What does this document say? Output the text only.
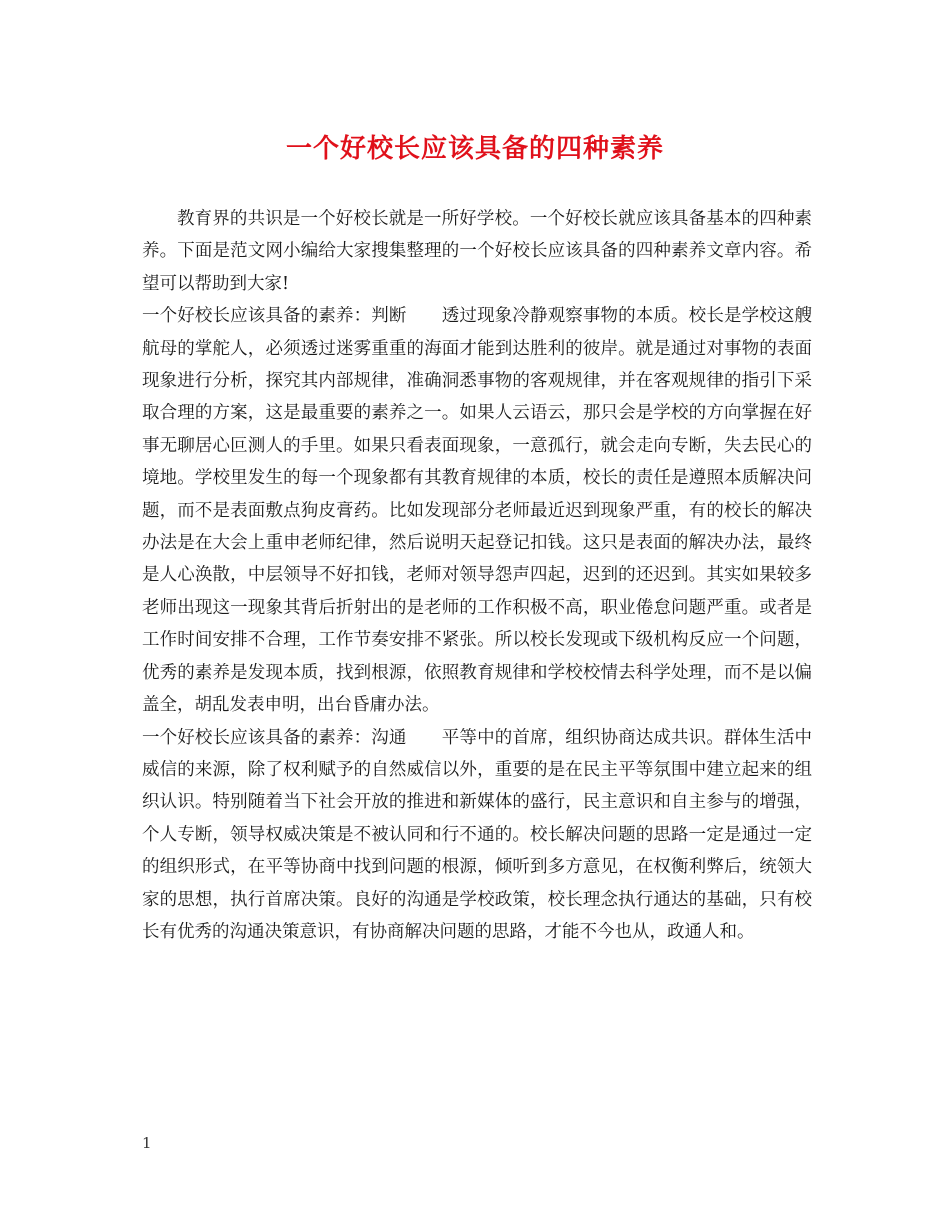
一个好校长应该具备的四种素养

教育界的共识是一个好校长就是一所好学校。一个好校长就应该具备基本的四种素养。下面是范文网小编给大家搜集整理的一个好校长应该具备的四种素养文章内容。希望可以帮助到大家!

一个好校长应该具备的素养：判断　　透过现象冷静观察事物的本质。校长是学校这艘航母的掌舵人，必须透过迷雾重重的海面才能到达胜利的彼岸。就是通过对事物的表面现象进行分析，探究其内部规律，准确洞悉事物的客观规律，并在客观规律的指引下采取合理的方案，这是最重要的素养之一。如果人云语云，那只会是学校的方向掌握在好事无聊居心叵测人的手里。如果只看表面现象，一意孤行，就会走向专断，失去民心的境地。学校里发生的每一个现象都有其教育规律的本质，校长的责任是遵照本质解决问题，而不是表面敷点狗皮膏药。比如发现部分老师最近迟到现象严重，有的校长的解决办法是在大会上重申老师纪律，然后说明天起登记扣钱。这只是表面的解决办法，最终是人心涣散，中层领导不好扣钱，老师对领导怨声四起，迟到的还迟到。其实如果较多老师出现这一现象其背后折射出的是老师的工作积极不高，职业倦怠问题严重。或者是工作时间安排不合理，工作节奏安排不紧张。所以校长发现或下级机构反应一个问题，优秀的素养是发现本质，找到根源，依照教育规律和学校校情去科学处理，而不是以偏盖全，胡乱发表申明，出台昏庸办法。

一个好校长应该具备的素养：沟通　　平等中的首席，组织协商达成共识。群体生活中威信的来源，除了权利赋予的自然威信以外，重要的是在民主平等氛围中建立起来的组织认识。特别随着当下社会开放的推进和新媒体的盛行，民主意识和自主参与的增强，个人专断，领导权威决策是不被认同和行不通的。校长解决问题的思路一定是通过一定的组织形式，在平等协商中找到问题的根源，倾听到多方意见，在权衡利弊后，统领大家的思想，执行首席决策。良好的沟通是学校政策，校长理念执行通达的基础，只有校长有优秀的沟通决策意识，有协商解决问题的思路，才能不今也从，政通人和。

1
